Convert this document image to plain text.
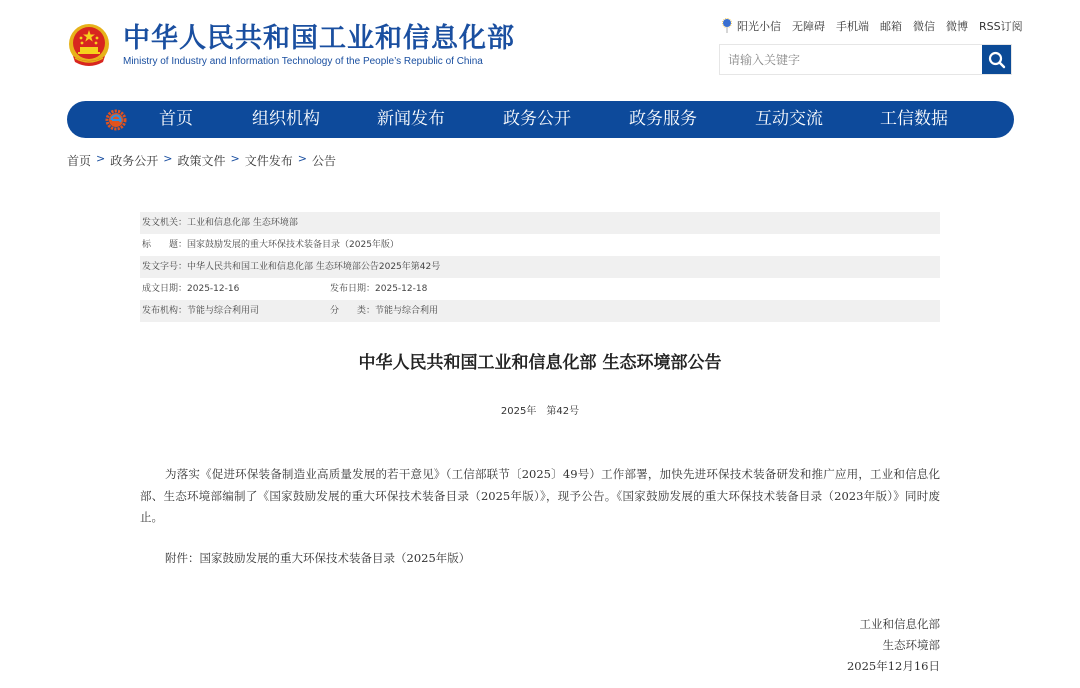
中华人民共和国工业和信息化部
Ministry of Industry and Information Technology of the People’s Republic of China
阳光小信 无障碍 手机端 邮箱 微信 微博 RSS订阅
请输入关键字
首页	组织机构	新闻发布	政务公开	政务服务	互动交流	工信数据
首页 > 政务公开 > 政策文件 > 文件发布 > 公告
发文机关：工业和信息化部 生态环境部
标　　题：国家鼓励发展的重大环保技术装备目录（2025年版）
发文字号：中华人民共和国工业和信息化部 生态环境部公告2025年第42号
成文日期：2025-12-16	发布日期：2025-12-18
发布机构：节能与综合利用司	分　　类：节能与综合利用
中华人民共和国工业和信息化部 生态环境部公告
2025年 第42号

为落实《促进环保装备制造业高质量发展的若干意见》（工信部联节〔2025〕49号）工作部署，加快先进环保技术装备研发和推广应用，工业和信息化部、生态环境部编制了《国家鼓励发展的重大环保技术装备目录（2025年版）》，现予公告。《国家鼓励发展的重大环保技术装备目录（2023年版）》同时废止。

附件：国家鼓励发展的重大环保技术装备目录（2025年版）
工业和信息化部
生态环境部
2025年12月16日
